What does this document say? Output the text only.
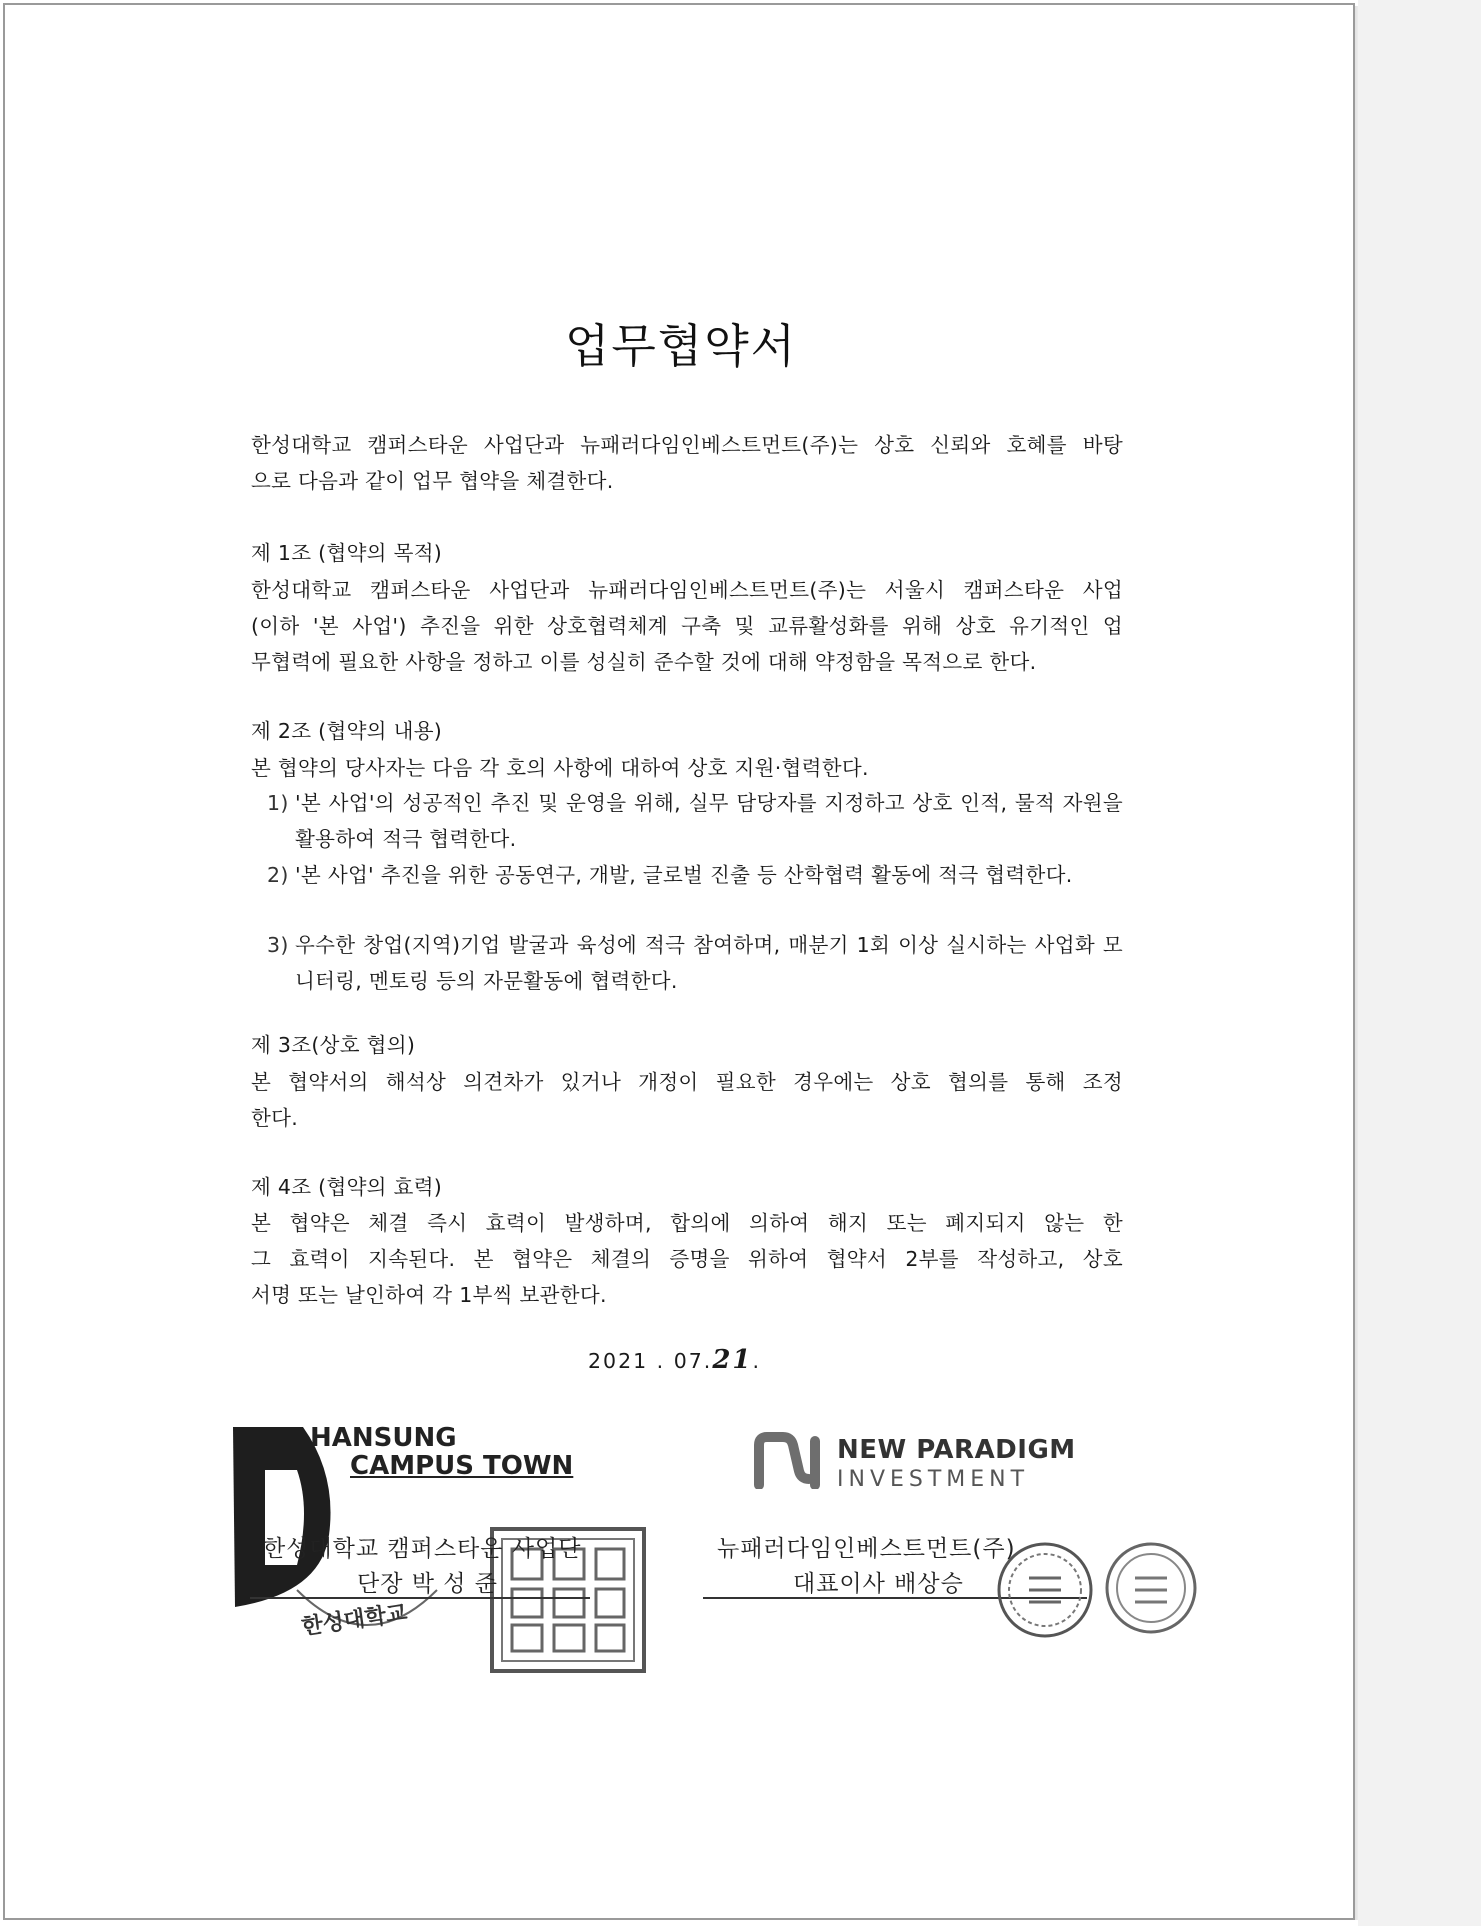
업무협약서
한성대학교 캠퍼스타운 사업단과 뉴패러다임인베스트먼트(주)는 상호 신뢰와 호혜를 바탕
으로 다음과 같이 업무 협약을 체결한다.
제 1조 (협약의 목적)
한성대학교 캠퍼스타운 사업단과 뉴패러다임인베스트먼트(주)는 서울시 캠퍼스타운 사업
(이하 '본 사업') 추진을 위한 상호협력체계 구축 및 교류활성화를 위해 상호 유기적인 업
무협력에 필요한 사항을 정하고 이를 성실히 준수할 것에 대해 약정함을 목적으로 한다.
제 2조 (협약의 내용)
본 협약의 당사자는 다음 각 호의 사항에 대하여 상호 지원·협력한다.
1) '본 사업'의 성공적인 추진 및 운영을 위해, 실무 담당자를 지정하고 상호 인적, 물적 자원을 활용하여 적극 협력한다.
2) '본 사업' 추진을 위한 공동연구, 개발, 글로벌 진출 등 산학협력 활동에 적극 협력한다.
3) 우수한 창업(지역)기업 발굴과 육성에 적극 참여하며, 매분기 1회 이상 실시하는 사업화 모니터링, 멘토링 등의 자문활동에 협력한다.
제 3조(상호 협의)
본 협약서의 해석상 의견차가 있거나 개정이 필요한 경우에는 상호 협의를 통해 조정
한다.
제 4조 (협약의 효력)
본 협약은 체결 즉시 효력이 발생하며, 합의에 의하여 해지 또는 폐지되지 않는 한
그 효력이 지속된다. 본 협약은 체결의 증명을 위하여 협약서 2부를 작성하고, 상호
서명 또는 날인하여 각 1부씩 보관한다.
2021 . 07.21.
HANSUNG
CAMPUS TOWN
한성대학교
한성대학교 캠퍼스타운 사업단
단장 박 성 준
NEW PARADIGM
INVESTMENT
뉴패러다임인베스트먼트(주)
대표이사 배상승
